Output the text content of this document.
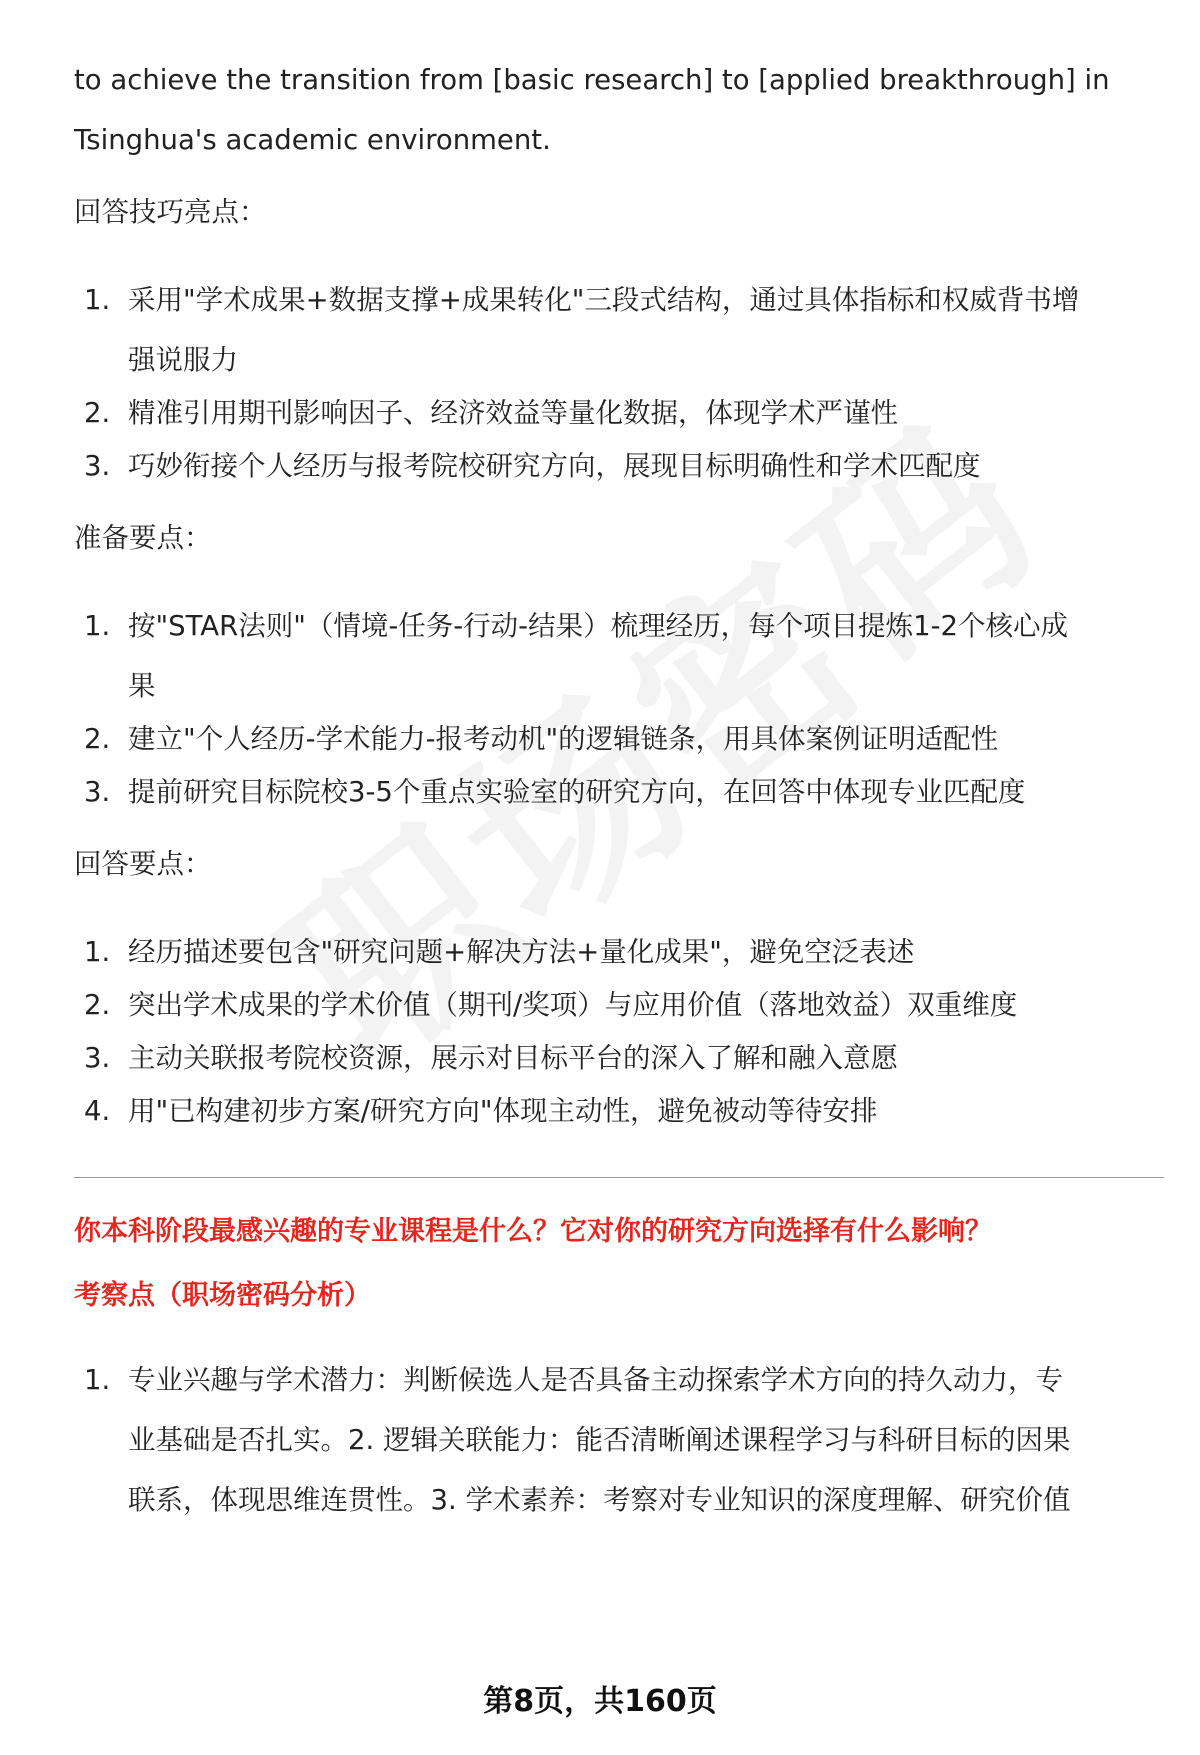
to achieve the transition from [basic research] to [applied breakthrough] in

Tsinghua's academic environment.

回答技巧亮点：

1. 采用"学术成果+数据支撑+成果转化"三段式结构，通过具体指标和权威背书增
强说服力
2. 精准引用期刊影响因子、经济效益等量化数据，体现学术严谨性
3. 巧妙衔接个人经历与报考院校研究方向，展现目标明确性和学术匹配度

准备要点：

1. 按"STAR法则"（情境-任务-行动-结果）梳理经历，每个项目提炼1-2个核心成
果
2. 建立"个人经历-学术能力-报考动机"的逻辑链条，用具体案例证明适配性
3. 提前研究目标院校3-5个重点实验室的研究方向，在回答中体现专业匹配度

回答要点：

1. 经历描述要包含"研究问题+解决方法+量化成果"，避免空泛表述
2. 突出学术成果的学术价值（期刊/奖项）与应用价值（落地效益）双重维度
3. 主动关联报考院校资源，展示对目标平台的深入了解和融入意愿
4. 用"已构建初步方案/研究方向"体现主动性，避免被动等待安排

你本科阶段最感兴趣的专业课程是什么？它对你的研究方向选择有什么影响？

考察点（职场密码分析）

1. 专业兴趣与学术潜力：判断候选人是否具备主动探索学术方向的持久动力，专
业基础是否扎实。2. 逻辑关联能力：能否清晰阐述课程学习与科研目标的因果
联系，体现思维连贯性。3. 学术素养：考察对专业知识的深度理解、研究价值
第8页，共160页
